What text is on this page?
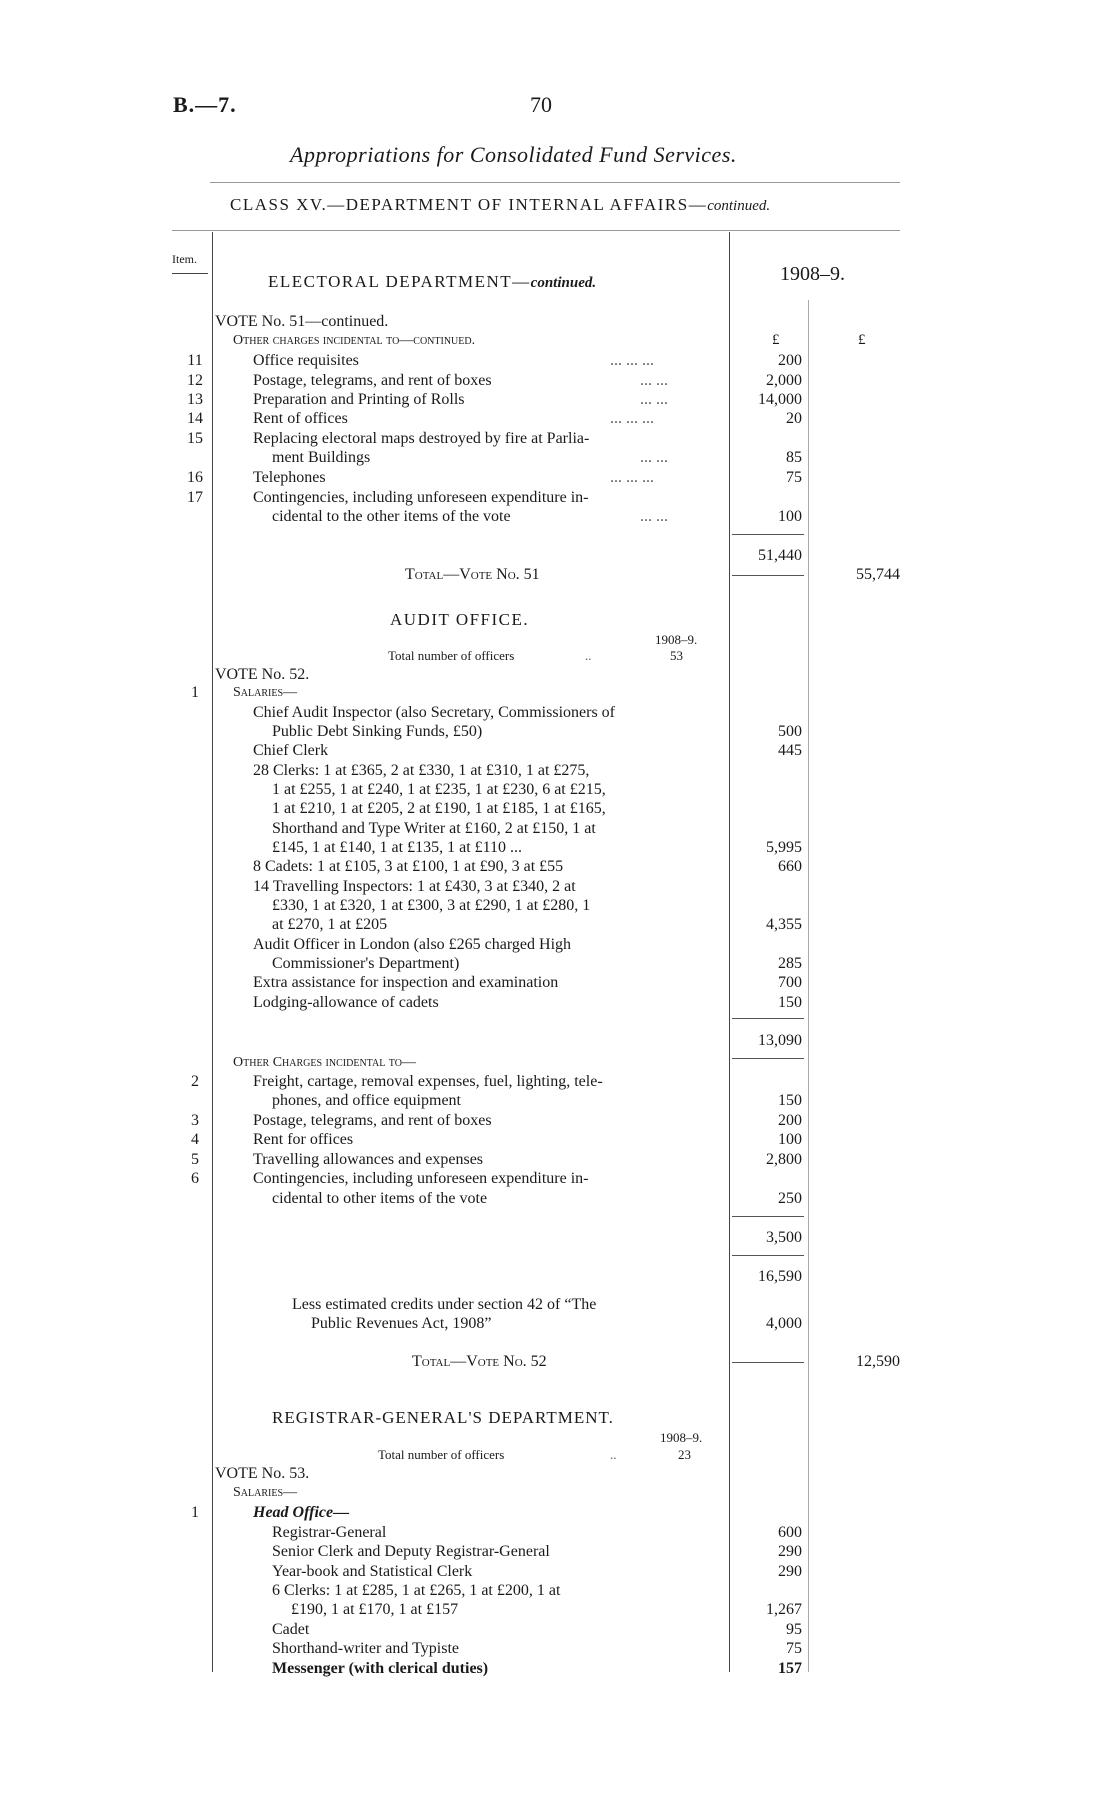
B.—7.	70
Appropriations for Consolidated Fund Services.
CLASS XV.—DEPARTMENT OF INTERNAL AFFAIRS—continued.
Item.
1908–9.
ELECTORAL DEPARTMENT—continued.
VOTE No. 51—continued.
Other charges incidental to—continued.	£	£
11	Office requisites	... ... ...	200
12	Postage, telegrams, and rent of boxes	... ...	2,000
13	Preparation and Printing of Rolls	... ...	14,000
14	Rent of offices	... ... ...	20
15	Replacing electoral maps destroyed by fire at Parlia-
ment Buildings	... ...	85
16	Telephones	... ... ...	75
17	Contingencies, including unforeseen expenditure in-
cidental to the other items of the vote	... ...	100
51,440
Total—Vote No. 51	55,744
AUDIT OFFICE.
1908–9.
Total number of officers	..	53
VOTE No. 52.
1	Salaries—
Chief Audit Inspector (also Secretary, Commissioners of
Public Debt Sinking Funds, £50)	500
Chief Clerk	445
28 Clerks: 1 at £365, 2 at £330, 1 at £310, 1 at £275,
1 at £255, 1 at £240, 1 at £235, 1 at £230, 6 at £215,
1 at £210, 1 at £205, 2 at £190, 1 at £185, 1 at £165,
Shorthand and Type Writer at £160, 2 at £150, 1 at
£145, 1 at £140, 1 at £135, 1 at £110 ...	5,995
8 Cadets: 1 at £105, 3 at £100, 1 at £90, 3 at £55	660
14 Travelling Inspectors: 1 at £430, 3 at £340, 2 at
£330, 1 at £320, 1 at £300, 3 at £290, 1 at £280, 1
at £270, 1 at £205	4,355
Audit Officer in London (also £265 charged High
Commissioner's Department)	285
Extra assistance for inspection and examination	700
Lodging-allowance of cadets	150
13,090
Other Charges incidental to—
2	Freight, cartage, removal expenses, fuel, lighting, tele-
phones, and office equipment	150
3	Postage, telegrams, and rent of boxes	200
4	Rent for offices	100
5	Travelling allowances and expenses	2,800
6	Contingencies, including unforeseen expenditure in-
cidental to other items of the vote	250
3,500
16,590
Less estimated credits under section 42 of “The
Public Revenues Act, 1908”	4,000
Total—Vote No. 52	12,590
REGISTRAR-GENERAL'S DEPARTMENT.
1908–9.
Total number of officers	..	23
VOTE No. 53.
Salaries—
1	Head Office—
Registrar-General	600
Senior Clerk and Deputy Registrar-General	290
Year-book and Statistical Clerk	290
6 Clerks: 1 at £285, 1 at £265, 1 at £200, 1 at
£190, 1 at £170, 1 at £157	1,267
Cadet	95
Shorthand-writer and Typiste	75
Messenger (with clerical duties)	157
